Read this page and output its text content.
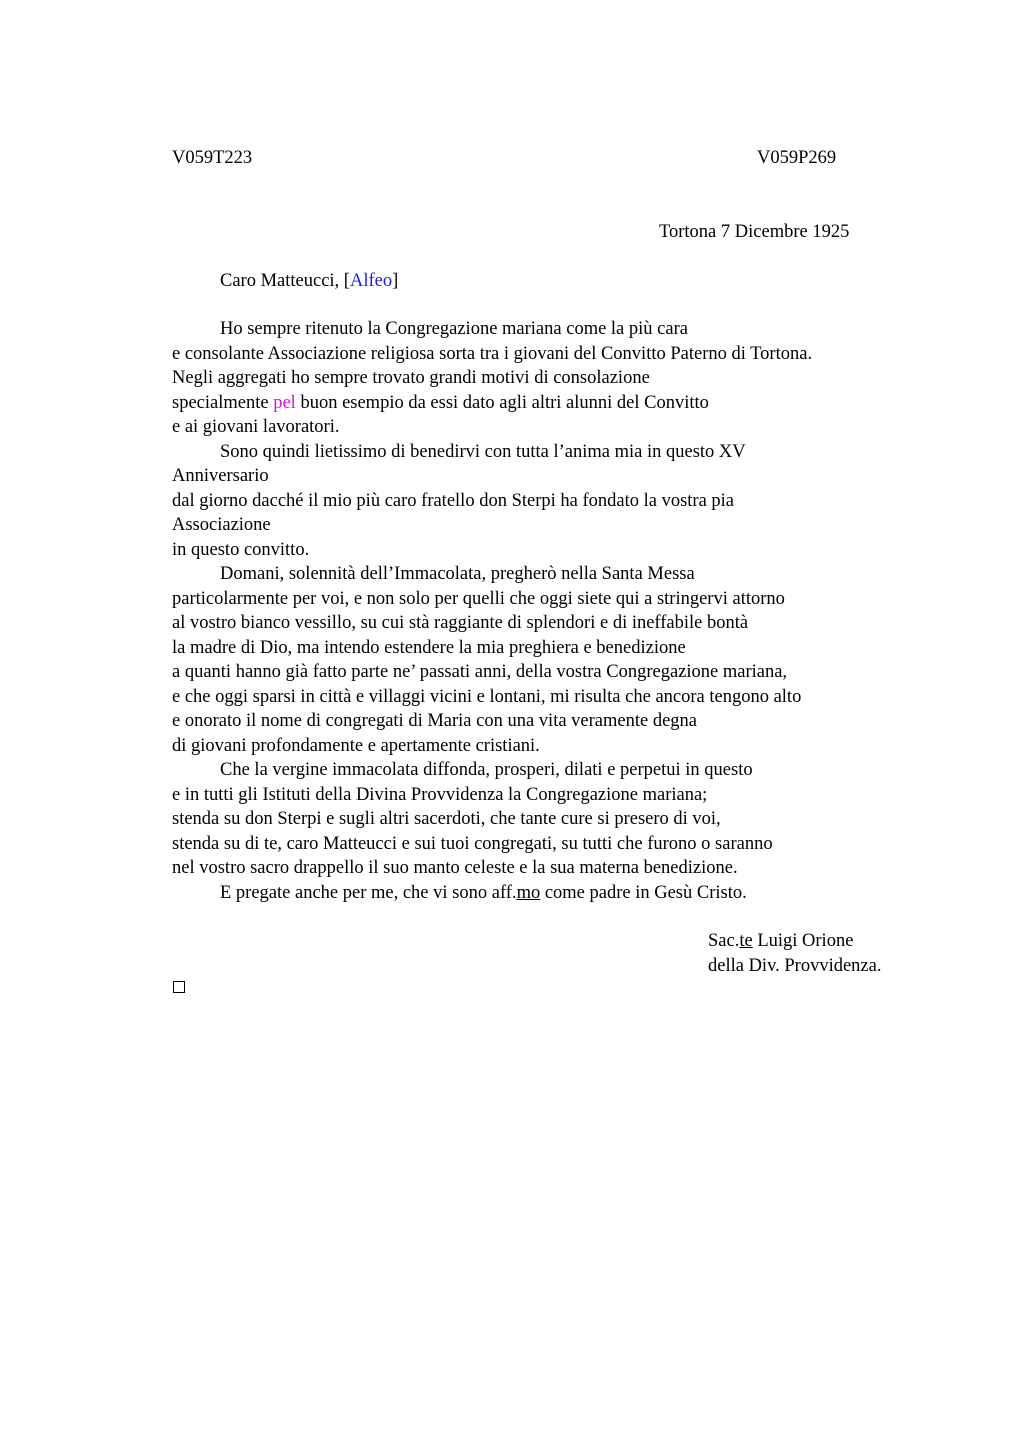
V059T223	V059P269
Tortona 7 Dicembre 1925
Caro Matteucci, [Alfeo]
Ho sempre ritenuto la Congregazione mariana come la più cara
e consolante Associazione religiosa sorta tra i giovani del Convitto Paterno di Tortona.
Negli aggregati ho sempre trovato grandi motivi di consolazione
specialmente pel buon esempio da essi dato agli altri alunni del Convitto
e ai giovani lavoratori.
Sono quindi lietissimo di benedirvi con tutta l’anima mia in questo XV
Anniversario
dal giorno dacché il mio più caro fratello don Sterpi ha fondato la vostra pia
Associazione
in questo convitto.
Domani, solennità dell’Immacolata, pregherò nella Santa Messa
particolarmente per voi, e non solo per quelli che oggi siete qui a stringervi attorno
al vostro bianco vessillo, su cui stà raggiante di splendori e di ineffabile bontà
la madre di Dio, ma intendo estendere la mia preghiera e benedizione
a quanti hanno già fatto parte ne’ passati anni, della vostra Congregazione mariana,
e che oggi sparsi in città e villaggi vicini e lontani, mi risulta che ancora tengono alto
e onorato il nome di congregati di Maria con una vita veramente degna
di giovani profondamente e apertamente cristiani.
Che la vergine immacolata diffonda, prosperi, dilati e perpetui in questo
e in tutti gli Istituti della Divina Provvidenza la Congregazione mariana;
stenda su don Sterpi e sugli altri sacerdoti, che tante cure si presero di voi,
stenda su di te, caro Matteucci e sui tuoi congregati, su tutti che furono o saranno
nel vostro sacro drappello il suo manto celeste e la sua materna benedizione.
E pregate anche per me, che vi sono aff.mo come padre in Gesù Cristo.
Sac.te Luigi Orione
della Div. Provvidenza.
